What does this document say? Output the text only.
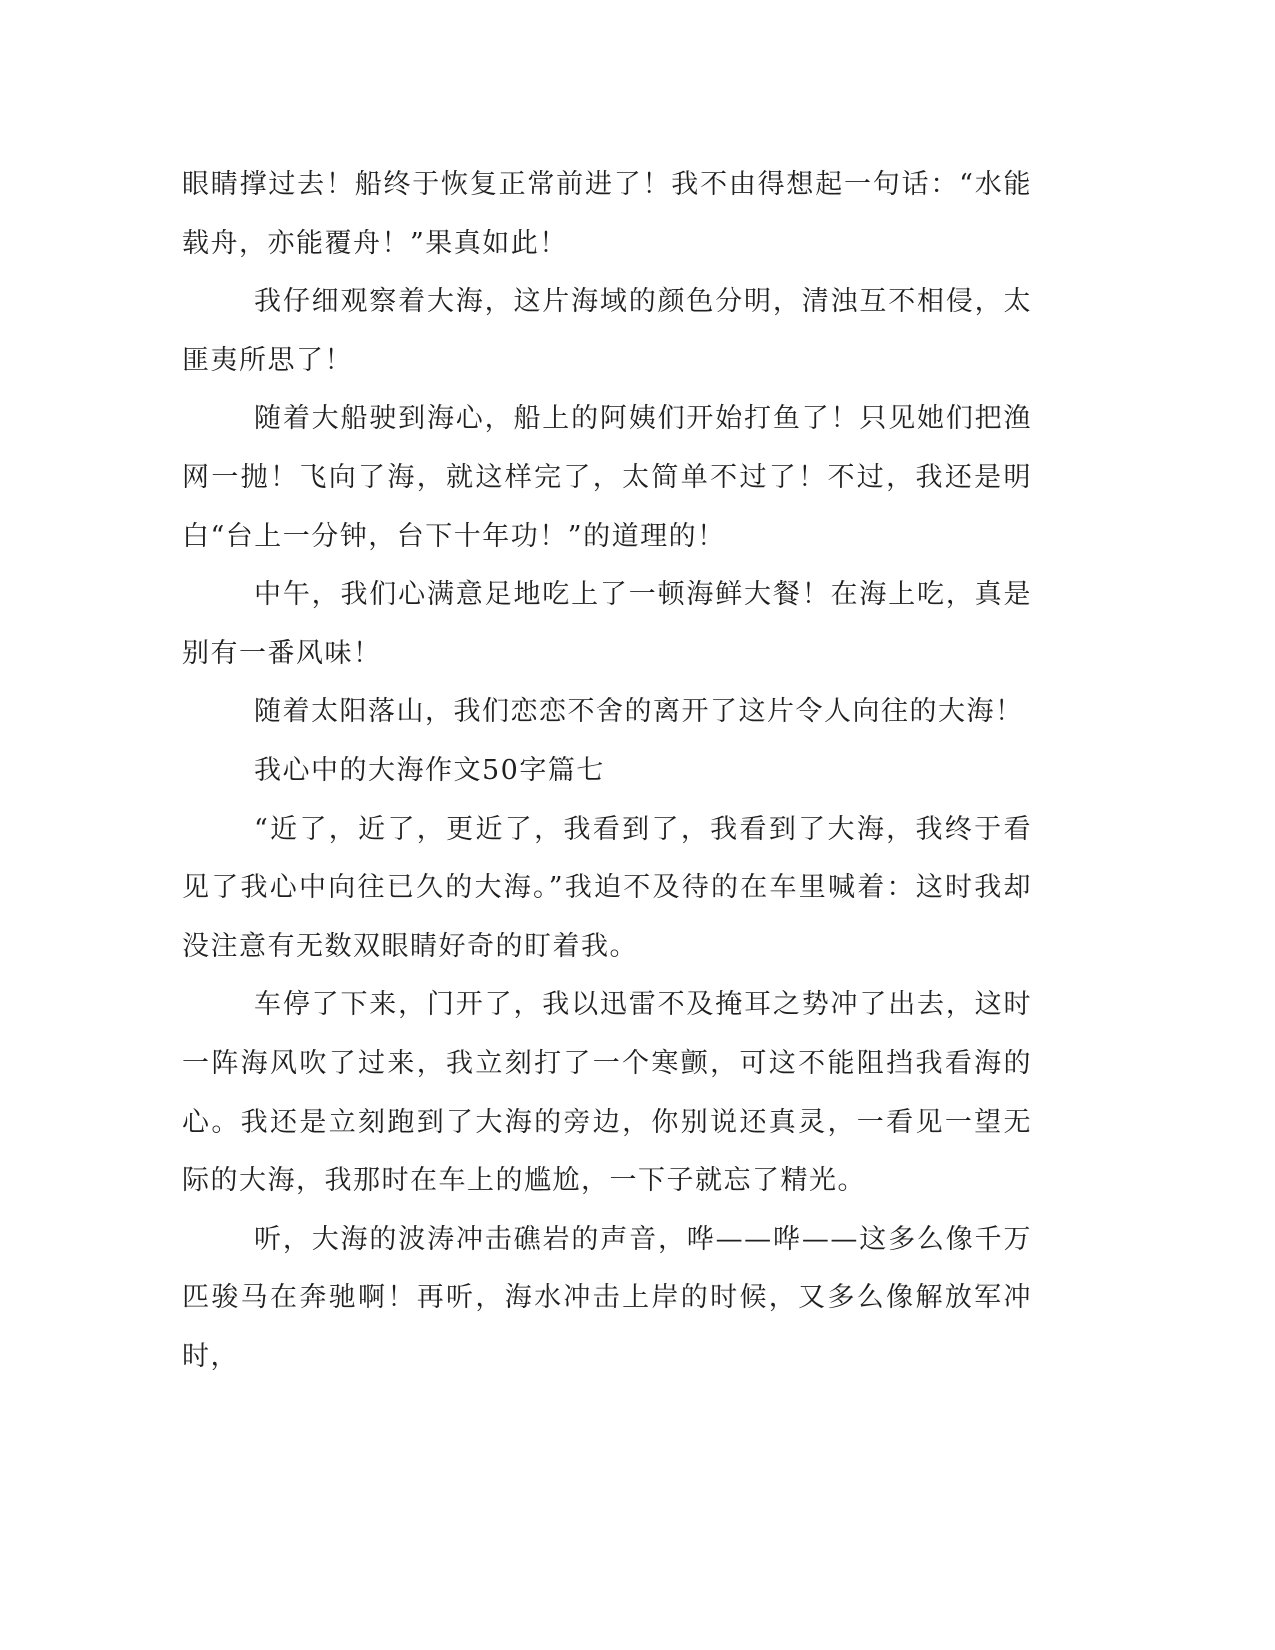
眼睛撑过去！船终于恢复正常前进了！我不由得想起一句话：“水能载舟，亦能覆舟！”果真如此！

我仔细观察着大海，这片海域的颜色分明，清浊互不相侵，太匪夷所思了！

随着大船驶到海心，船上的阿姨们开始打鱼了！只见她们把渔网一抛！飞向了海，就这样完了，太简单不过了！不过，我还是明白“台上一分钟，台下十年功！”的道理的！

中午，我们心满意足地吃上了一顿海鲜大餐！在海上吃，真是别有一番风味！

随着太阳落山，我们恋恋不舍的离开了这片令人向往的大海！

我心中的大海作文50字篇七

“近了，近了，更近了，我看到了，我看到了大海，我终于看见了我心中向往已久的大海。”我迫不及待的在车里喊着：这时我却没注意有无数双眼睛好奇的盯着我。

车停了下来，门开了，我以迅雷不及掩耳之势冲了出去，这时一阵海风吹了过来，我立刻打了一个寒颤，可这不能阻挡我看海的心。我还是立刻跑到了大海的旁边，你别说还真灵，一看见一望无际的大海，我那时在车上的尴尬，一下子就忘了精光。

听，大海的波涛冲击礁岩的声音，哗——哗——这多么像千万匹骏马在奔驰啊！再听，海水冲击上岸的时候，又多么像解放军冲时，
